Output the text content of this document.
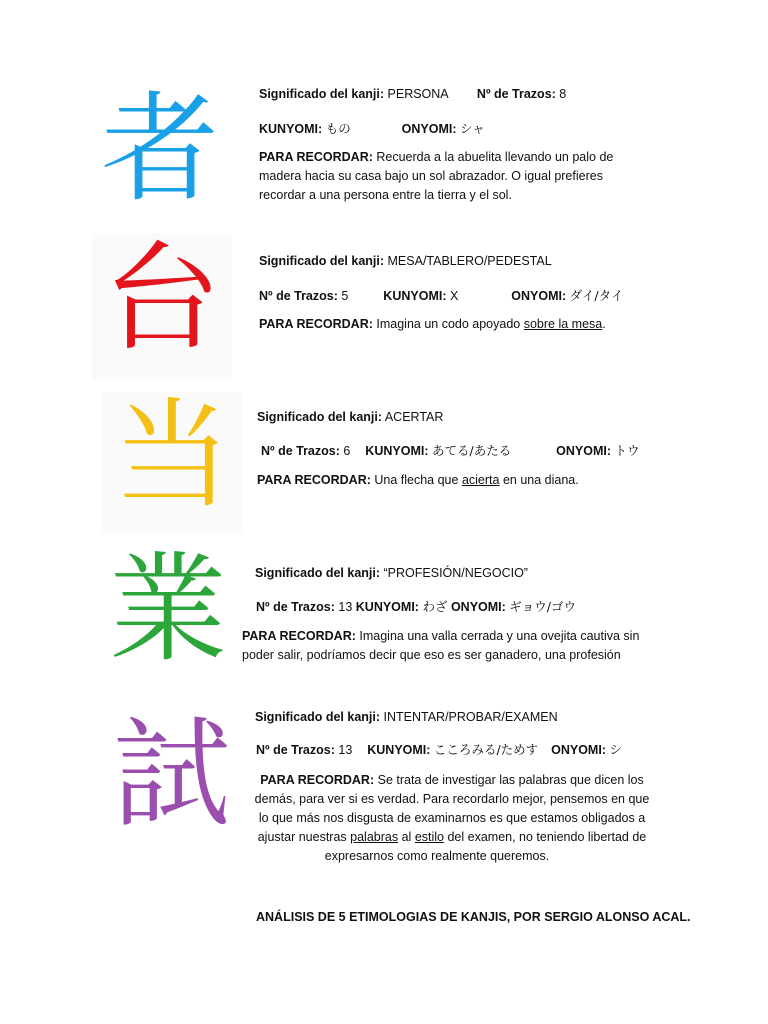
者	Significado del kanji: PERSONA Nº de Trazos: 8
KUNYOMI: もの	ONYOMI: シャ
PARA RECORDAR: Recuerda a la abuelita llevando un palo de
madera hacia su casa bajo un sol abrazador. O igual prefieres
recordar a una persona entre la tierra y el sol.
台	Significado del kanji: MESA/TABLERO/PEDESTAL
Nº de Trazos: 5	KUNYOMI: X	ONYOMI: ダイ/タイ
PARA RECORDAR: Imagina un codo apoyado sobre la mesa.
当	Significado del kanji: ACERTAR
Nº de Trazos: 6 KUNYOMI: あてる/あたる	ONYOMI: トウ
PARA RECORDAR: Una flecha que acierta en una diana.
業	Significado del kanji: “PROFESIÓN/NEGOCIO”
Nº de Trazos: 13 KUNYOMI: わざ ONYOMI: ギョウ/ゴウ
PARA RECORDAR: Imagina una valla cerrada y una ovejita cautiva sin
poder salir, podríamos decir que eso es ser ganadero, una profesión
試	Significado del kanji: INTENTAR/PROBAR/EXAMEN
Nº de Trazos: 13 KUNYOMI: こころみる/ためす ONYOMI: シ
PARA RECORDAR: Se trata de investigar las palabras que dicen los
demás, para ver si es verdad. Para recordarlo mejor, pensemos en que
lo que más nos disgusta de examinarnos es que estamos obligados a
ajustar nuestras palabras al estilo del examen, no teniendo libertad de
expresarnos como realmente queremos.
ANÁLISIS DE 5 ETIMOLOGIAS DE KANJIS, POR SERGIO ALONSO ACAL.
